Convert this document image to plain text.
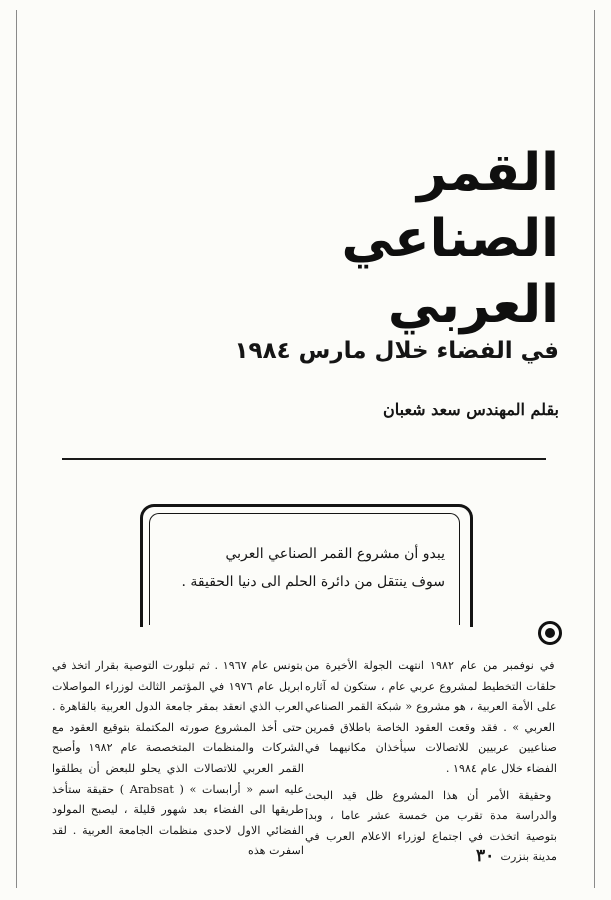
القمر
الصناعي
العربي
في الفضاء خلال مارس ١٩٨٤
بقلم المهندس سعد شعبان
يبدو أن مشروع القمر الصناعي العربي
سوف ينتقل من دائرة الحلم الى دنيا الحقيقة .

في نوفمبر من عام ١٩٨٢ انتهت الجولة الأخيرة من حلقات التخطيط لمشروع عربي عام ، ستكون له آثاره على الأمة العربية ، هو مشروع « شبكة القمر الصناعي العربي » . فقد وقعت العقود الخاصة باطلاق قمرين صناعيين عربيين للاتصالات سيأخذان مكانيهما في الفضاء خلال عام ١٩٨٤ .

وحقيقة الأمر أن هذا المشروع ظل قيد البحث والدراسة مدة تقرب من خمسة عشر عاما ، وبدأ بتوصية اتخذت في اجتماع لوزراء الاعلام العرب في مدينة بنزرت

بتونس عام ١٩٦٧ . ثم تبلورت التوصية بقرار اتخذ في ابريل عام ١٩٧٦ في المؤتمر الثالث لوزراء المواصلات العرب الذي انعقد بمقر جامعة الدول العربية بالقاهرة . حتى أخذ المشروع صورته المكتملة بتوقيع العقود مع الشركات والمنظمات المتخصصة عام ١٩٨٢ وأصبح القمر العربي للاتصالات الذي يحلو للبعض أن يطلقوا عليه اسم « أرابسات » ( Arabsat ) حقيقة ستأخذ طريقها الى الفضاء بعد شهور قليلة ، ليصبح المولود الفضائي الاول لاحدى منظمات الجامعة العربية . لقد اسفرت هذه	٣٠
